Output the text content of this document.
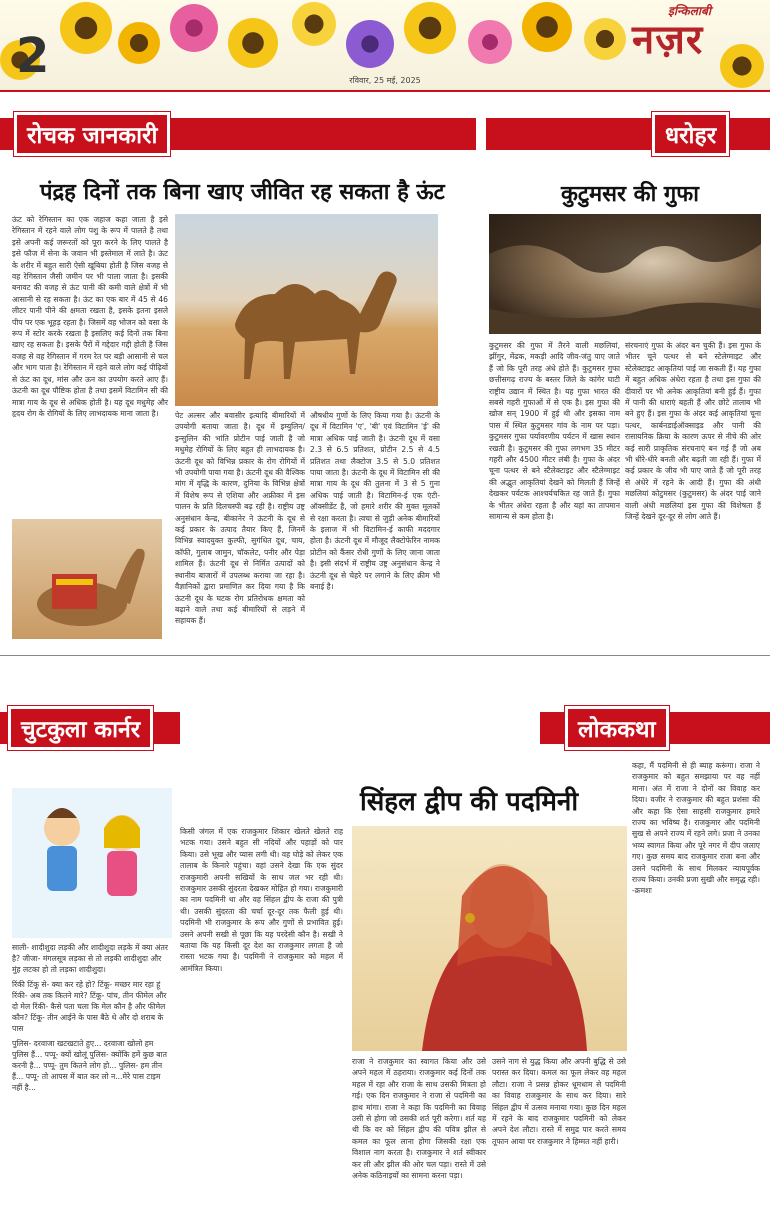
2
इन्किलाबी
नज़र
रविवार, 25 मई, 2025
रोचक जानकारी	धरोहर
पंद्रह दिनों तक बिना खाए जीवित रह सकता है ऊंट
ऊंट को रेगिस्तान का एक जहाज कहा जाता है इसे रेगिस्तान में रहने वाले लोग पशु के रूप में पालते है तथा इसे अपनी कई जरूरतों को पूरा करने के लिए पालते है इसे फौज में सेना के जवान भी इस्तेमाल में लाते है। ऊंट के शरीर में बहुत सारी ऐसी खूबिया होती है जिस वजह से वह रेगिस्तान जैसी जमीन पर भी पाला जाता है। इसकी बनावट की वजह से ऊंट पानी की कमी वाले क्षेत्रों में भी आसानी से रह सकता है। ऊंट का एक बार में 45 से 46 लीटर पानी पीने की क्षमता रखता है, इसके इतना इसले पीप पर एक भूहड़ रहता है। जिसमें वह भोजन को वसा के रूप में स्टोर करके रखता है इसलिए कई दिनों तक बिना खाए रह सकता है। इसके पैरों में गद्देदार गद्दी होती है जिस वजह से वह रेगिस्तान में गरम रेत पर बड़ी आसानी से चल और भाग पाता है। रेगिस्तान में रहने वाले लोग कई पीढ़ियों से ऊंट का दूध, मांस और ऊन का उपयोग करते आए हैं। ऊंटनी का दूध पौष्टिक होता है तथा इसमें विटामिन सी की मात्रा गाय के दूध से अधिक होती है। यह दूध मधुमेह और हृदय रोग के रोगियों के लिए लाभदायक माना जाता है।	पेट अल्सर और बवासीर इत्यादि बीमारियों में उपयोगी बताया जाता है। दूध में इम्युलिन/इन्सुलिन की भांति प्रोटीन पाई जाती है जो मधुमेह रोगियों के लिए बहुत ही लाभदायक है। ऊंटनी दूध को विभिन्न प्रकार के रोग रोगियों में भी उपयोगी पाया गया है। ऊंटनी दूध की वैश्विक मांग में वृद्धि के कारण, दुनिया के विभिन्न क्षेत्रों में विशेष रूप से एशिया और अफ्रीका में इस पालन के प्रति दिलचस्पी बढ़ रही है। राष्ट्रीय उष्ट्र अनुसंधान केन्द्र, बीकानेर ने ऊंटनी के दूध से कई प्रकार के उत्पाद तैयार किए हैं, जिनमें विभिन्न स्वादयुक्त कुल्फी, सुगंधित दूध, चाय, कॉफी, गुलाब जामुन, चॉकलेट, पनीर और पेड़ा शामिल हैं। ऊंटनी दूध से निर्मित उत्पादों को स्थानीय बाजारों में उपलब्ध कराया जा रहा है। वैज्ञानिकों द्वारा प्रमाणित कर दिया गया है कि ऊंटनी दूध के घटक रोग प्रतिरोधक क्षमता को बढ़ाने वाले तथा कई बीमारियों से लड़ने में सहायक हैं।
औषधीय गुणों के लिए किया गया है। ऊंटनी के दूध में विटामिन 'ए', 'बी' एवं विटामिन 'ई' की मात्रा अधिक पाई जाती है। ऊंटनी दूध में वसा 2.3 से 6.5 प्रतिशत, प्रोटीन 2.5 से 4.5 प्रतिशत तथा लैक्टोज 3.5 से 5.0 प्रतिशत पाया जाता है। ऊंटनी के दूध में विटामिन सी की मात्रा गाय के दूध की तुलना में 3 से 5 गुना अधिक पाई जाती है। विटामिन-ई एक एंटी-ऑक्सीडेंट है, जो हमारे शरीर की मुक्त मूलकों से रक्षा करता है। त्वचा से जुड़ी अनेक बीमारियों के इलाज में भी विटामिन-ई काफी मददगार होता है। ऊंटनी दूध में मौजूद लैक्टोफेरिन नामक प्रोटीन को कैंसर रोधी गुणों के लिए जाना जाता है। इसी संदर्भ में राष्ट्रीय उष्ट्र अनुसंधान केन्द्र ने ऊंटनी दूध से चेहरे पर लगाने के लिए क्रीम भी बनाई है।
कुटुमसर की गुफा
कुटुमसर की गुफा में तैरने वाली मछलियां, झींगुर, मेंढक, मकड़ी आदि जीव-जंतु पाए जाते हैं जो कि पूरी तरह अंधे होते हैं। कुटुमसर गुफा छत्तीसगढ़ राज्य के बस्तर जिले के कांगेर घाटी राष्ट्रीय उद्यान में स्थित है। यह गुफा भारत की सबसे गहरी गुफाओं में से एक है। इस गुफा की खोज सन् 1900 में हुई थी और इसका नाम पास में स्थित कुटुमसर गांव के नाम पर पड़ा। कुटुमसर गुफा पर्यावरणीय पर्यटन में खास स्थान रखती है। कुटुमसर की गुफा लगभग 35 मीटर गहरी और 4500 मीटर लंबी है। गुफा के अंदर चूना पत्थर से बने स्टैलेक्टाइट और स्टैलेग्माइट की अद्भुत आकृतियां देखने को मिलती हैं जिन्हें देखकर पर्यटक आश्चर्यचकित रह जाते हैं। गुफा के भीतर अंधेरा रहता है और यहां का तापमान सामान्य से कम होता है।
संरचनाएं गुफा के अंदर बन चुकी हैं। इस गुफा के भीतर चूने पत्थर से बने स्टेलेग्माइट और स्टेलेक्टाइट आकृतियां पाई जा सकती हैं। यह गुफा में बहुत अधिक अंधेरा रहता है तथा इस गुफा की दीवारों पर भी अनेक आकृतियां बनी हुई हैं। गुफा में पानी की धाराएं बहती हैं और छोटे तालाब भी बने हुए हैं। इस गुफा के अंदर कई आकृतियां चूना पत्थर, कार्बनडाईऑक्साइड और पानी की रासायनिक क्रिया के कारण ऊपर से नीचे की ओर कई सारी प्राकृतिक संरचनाएं बन गई हैं जो अब भी धीरे-धीरे बनती और बढ़ती जा रही हैं। गुफा में कई प्रकार के जीव भी पाए जाते हैं जो पूरी तरह से अंधेरे में रहने के आदी हैं। गुफा की अंधी मछलियां कोटुमसर (कुटुमसर) के अंदर पाई जाने वाली अंधी मछलियां इस गुफा की विशेषता हैं जिन्हें देखने दूर-दूर से लोग आते हैं।
चुटकुला कार्नर	लोककथा

साली- शादीशुदा लड़की और शादीशुदा लड़के में क्या अंतर है? जीजा- मंगलसूत्र लड़का से तो लड़की शादीशुदा और मुंह लटका हो तो लड़का शादीशुदा।

रिंकी टिंकू से- क्या कर रहे हो? टिंकू- मच्छर मार रहा हूं रिंकी- अब तक कितने मारे? टिंकू- पांच, तीन फीमेल और दो मेल रिंकी- कैसे पता चला कि मेल कौन है और फीमेल कौन? टिंकू- तीन आईने के पास बैठे थे और दो शराब के पास

पुलिस- दरवाजा खटखटाते हुए... दरवाजा खोलो हम पुलिस हैं... पप्पू- क्यों खोलूं पुलिस- क्योंकि हमें कुछ बात करनी है... पप्पू- तुम कितने लोग हो... पुलिस- हम तीन हैं... पप्पू- तो आपस में बात कर लो न...मेरे पास टाइम नहीं है...

सिंहल द्वीप की पदमिनी
किसी जंगल में एक राजकुमार शिकार खेलते खेलते राह भटक गया। उसने बहुत सी नदियों और पहाड़ों को पार किया। उसे भूख और प्यास लगी थी। वह घोड़े को लेकर एक तालाब के किनारे पहुंचा। वहां उसने देखा कि एक सुंदर राजकुमारी अपनी सखियों के साथ जल भर रही थी। राजकुमार उसकी सुंदरता देखकर मोहित हो गया। राजकुमारी का नाम पदमिनी था और वह सिंहल द्वीप के राजा की पुत्री थी। उसकी सुंदरता की चर्चा दूर-दूर तक फैली हुई थी। पदमिनी भी राजकुमार के रूप और गुणों से प्रभावित हुई। उसने अपनी सखी से पूछा कि यह परदेसी कौन है। सखी ने बताया कि यह किसी दूर देश का राजकुमार लगता है जो रास्ता भटक गया है। पदमिनी ने राजकुमार को महल में आमंत्रित किया।
राजा ने राजकुमार का स्वागत किया और उसे अपने महल में ठहराया। राजकुमार कई दिनों तक महल में रहा और राजा के साथ उसकी मित्रता हो गई। एक दिन राजकुमार ने राजा से पदमिनी का हाथ मांगा। राजा ने कहा कि पदमिनी का विवाह उसी से होगा जो उसकी शर्त पूरी करेगा। शर्त यह थी कि वर को सिंहल द्वीप की पवित्र झील से कमल का फूल लाना होगा जिसकी रक्षा एक विशाल नाग करता है। राजकुमार ने शर्त स्वीकार कर ली और झील की ओर चल पड़ा। रास्ते में उसे अनेक कठिनाइयों का सामना करना पड़ा।
उसने नाग से युद्ध किया और अपनी बुद्धि से उसे परास्त कर दिया। कमल का फूल लेकर वह महल लौटा। राजा ने प्रसन्न होकर धूमधाम से पदमिनी का विवाह राजकुमार के साथ कर दिया। सारे सिंहल द्वीप में उत्सव मनाया गया। कुछ दिन महल में रहने के बाद राजकुमार पदमिनी को लेकर अपने देश लौटा। रास्ते में समुद्र पार करते समय तूफान आया पर राजकुमार ने हिम्मत नहीं हारी।
कहा, मैं पदमिनी से ही ब्याह करूंगा। राजा ने राजकुमार को बहुत समझाया पर वह नहीं माना। अंत में राजा ने दोनों का विवाह कर दिया। वजीर ने राजकुमार की बहुत प्रशंसा की और कहा कि ऐसा साहसी राजकुमार हमारे राज्य का भविष्य है। राजकुमार और पदमिनी सुख से अपने राज्य में रहने लगे। प्रजा ने उनका भव्य स्वागत किया और पूरे नगर में दीप जलाए गए। कुछ समय बाद राजकुमार राजा बना और उसने पदमिनी के साथ मिलकर न्यायपूर्वक राज्य किया। उनकी प्रजा सुखी और समृद्ध रही। -क्रमशः
